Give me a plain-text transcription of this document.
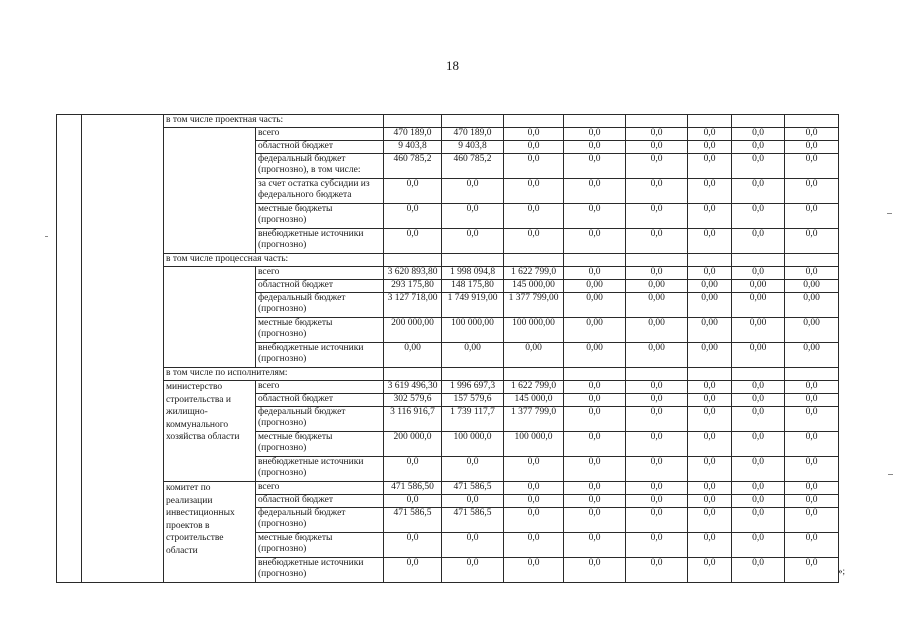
18
		в том числе проектная часть:									
			всего	470 189,0	470 189,0	0,0	0,0	0,0	0,0	0,0	0,0
			областной бюджет	9 403,8	9 403,8	0,0	0,0	0,0	0,0	0,0	0,0
			федеральный бюджет (прогнозно), в том числе:	460 785,2	460 785,2	0,0	0,0	0,0	0,0	0,0	0,0
			за счет остатка субсидии из федерального бюджета	0,0	0,0	0,0	0,0	0,0	0,0	0,0	0,0
			местные бюджеты (прогнозно)	0,0	0,0	0,0	0,0	0,0	0,0	0,0	0,0
			внебюджетные источники (прогнозно)	0,0	0,0	0,0	0,0	0,0	0,0	0,0	0,0
		в том числе процессная часть:									
			всего	3 620 893,80	1 998 094,8	1 622 799,0	0,0	0,0	0,0	0,0	0,0
			областной бюджет	293 175,80	148 175,80	145 000,00	0,00	0,00	0,00	0,00	0,00
			федеральный бюджет (прогнозно)	3 127 718,00	1 749 919,00	1 377 799,00	0,00	0,00	0,00	0,00	0,00
			местные бюджеты (прогнозно)	200 000,00	100 000,00	100 000,00	0,00	0,00	0,00	0,00	0,00
			внебюджетные источники (прогнозно)	0,00	0,00	0,00	0,00	0,00	0,00	0,00	0,00
		в том числе по исполнителям:									
		министерство строительства и жилищно-коммунального хозяйства области	всего	3 619 496,30	1 996 697,3	1 622 799,0	0,0	0,0	0,0	0,0	0,0
			областной бюджет	302 579,6	157 579,6	145 000,0	0,0	0,0	0,0	0,0	0,0
			федеральный бюджет (прогнозно)	3 116 916,7	1 739 117,7	1 377 799,0	0,0	0,0	0,0	0,0	0,0
			местные бюджеты (прогнозно)	200 000,0	100 000,0	100 000,0	0,0	0,0	0,0	0,0	0,0
			внебюджетные источники (прогнозно)	0,0	0,0	0,0	0,0	0,0	0,0	0,0	0,0
		комитет по реализации инвестиционных проектов в строительстве области	всего	471 586,50	471 586,5	0,0	0,0	0,0	0,0	0,0	0,0
			областной бюджет	0,0	0,0	0,0	0,0	0,0	0,0	0,0	0,0
			федеральный бюджет (прогнозно)	471 586,5	471 586,5	0,0	0,0	0,0	0,0	0,0	0,0
			местные бюджеты (прогнозно)	0,0	0,0	0,0	0,0	0,0	0,0	0,0	0,0
			внебюджетные источники (прогнозно)	0,0	0,0	0,0	0,0	0,0	0,0	0,0	0,0
»;
